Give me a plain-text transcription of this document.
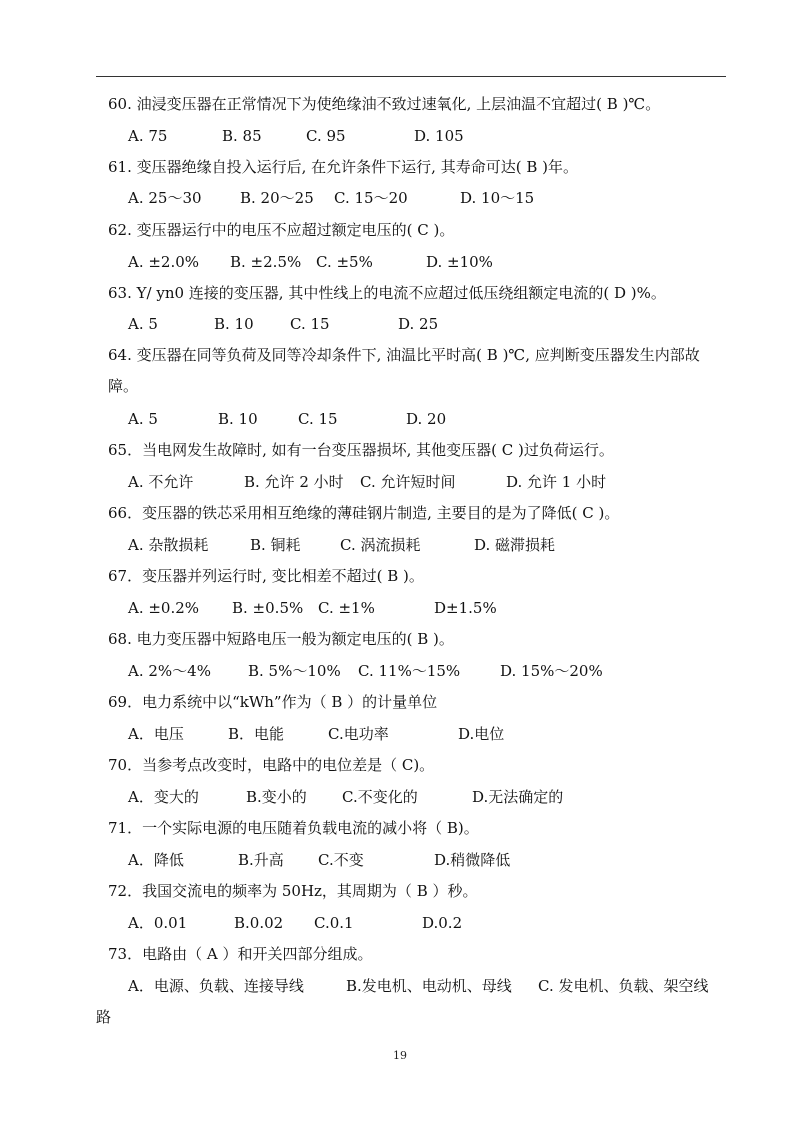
60. 油浸变压器在正常情况下为使绝缘油不致过速氧化, 上层油温不宜超过( B )℃。
A. 75	B. 85	C. 95	D. 105
61. 变压器绝缘自投入运行后, 在允许条件下运行, 其寿命可达( B )年。
A. 25～30	B. 20～25 C. 15～20	D. 10～15
62. 变压器运行中的电压不应超过额定电压的( C )。
A. ±2.0% B. ±2.5% C. ±5%	D. ±10%
63. Y/ yn0 连接的变压器, 其中性线上的电流不应超过低压绕组额定电流的( D )%。
A. 5	B. 10 C. 15	D. 25
64. 变压器在同等负荷及同等冷却条件下, 油温比平时高( B )℃, 应判断变压器发生内部故障。
A. 5	B. 10	C. 15	D. 20
65．当电网发生故障时, 如有一台变压器损坏, 其他变压器( C )过负荷运行。
A. 不允许	B. 允许 2 小时 C. 允许短时间	D. 允许 1 小时
66．变压器的铁芯采用相互绝缘的薄硅钢片制造, 主要目的是为了降低( C )。
A. 杂散损耗	B. 铜耗	C. 涡流损耗	D. 磁滞损耗
67．变压器并列运行时, 变比相差不超过( B )。
A. ±0.2% B. ±0.5% C. ±1%	D±1.5%
68. 电力变压器中短路电压一般为额定电压的( B )。
A. 2%～4% B. 5%～10% C. 11%～15%	D. 15%～20%
69．电力系统中以“kWh”作为（ B ）的计量单位
A．电压	B．电能	C.电功率	D.电位
70．当参考点改变时，电路中的电位差是（ C)。
A．变大的	B.变小的 C.不变化的	D.无法确定的
71．一个实际电源的电压随着负载电流的减小将（ B)。
A．降低	B.升高 C.不变	D.稍微降低
72．我国交流电的频率为 50Hz，其周期为（ B ）秒。
A．0.01	B.0.02 C.0.1	D.0.2
73．电路由（ A ）和开关四部分组成。
A．电源、负载、连接导线	B.发电机、电动机、母线 C. 发电机、负载、架空线
路
19
